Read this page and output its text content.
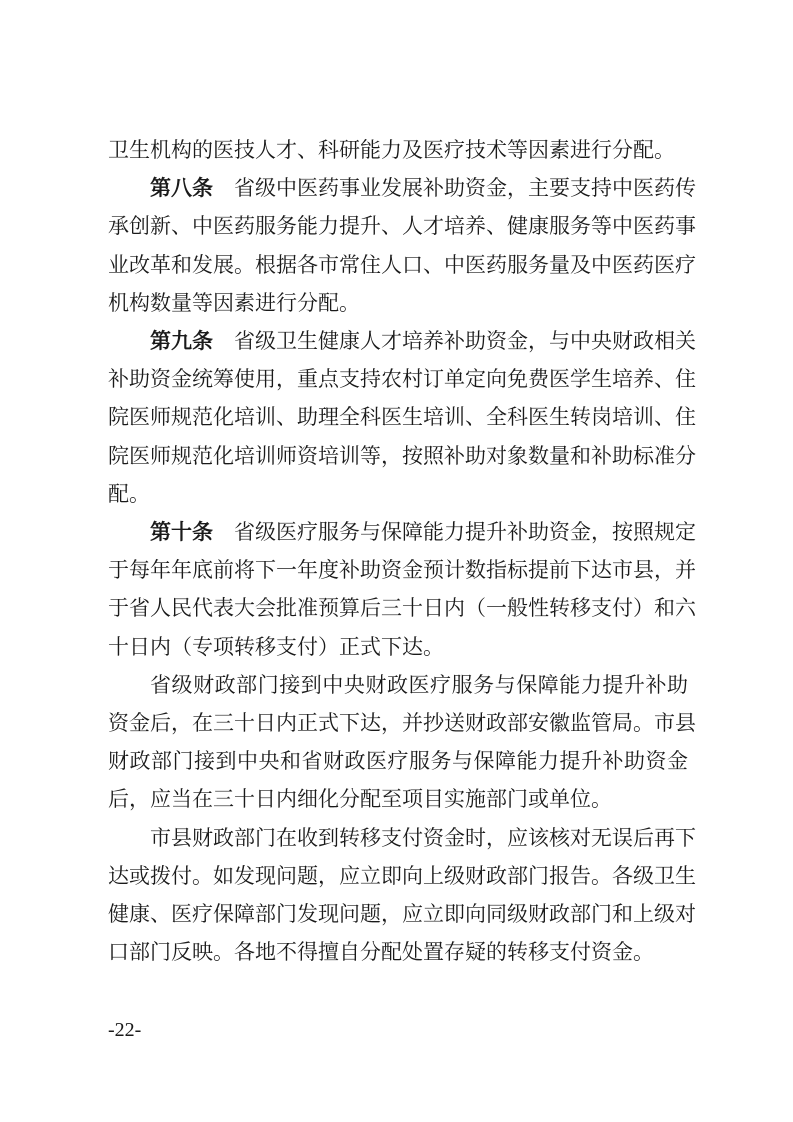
卫生机构的医技人才、科研能力及医疗技术等因素进行分配。
第八条 省级中医药事业发展补助资金，主要支持中医药传
承创新、中医药服务能力提升、人才培养、健康服务等中医药事
业改革和发展。根据各市常住人口、中医药服务量及中医药医疗
机构数量等因素进行分配。
第九条 省级卫生健康人才培养补助资金，与中央财政相关
补助资金统筹使用，重点支持农村订单定向免费医学生培养、住
院医师规范化培训、助理全科医生培训、全科医生转岗培训、住
院医师规范化培训师资培训等，按照补助对象数量和补助标准分
配。
第十条 省级医疗服务与保障能力提升补助资金，按照规定
于每年年底前将下一年度补助资金预计数指标提前下达市县，并
于省人民代表大会批准预算后三十日内（一般性转移支付）和六
十日内（专项转移支付）正式下达。
省级财政部门接到中央财政医疗服务与保障能力提升补助
资金后，在三十日内正式下达，并抄送财政部安徽监管局。市县
财政部门接到中央和省财政医疗服务与保障能力提升补助资金
后，应当在三十日内细化分配至项目实施部门或单位。
市县财政部门在收到转移支付资金时，应该核对无误后再下
达或拨付。如发现问题，应立即向上级财政部门报告。各级卫生
健康、医疗保障部门发现问题，应立即向同级财政部门和上级对
口部门反映。各地不得擅自分配处置存疑的转移支付资金。
-22-
